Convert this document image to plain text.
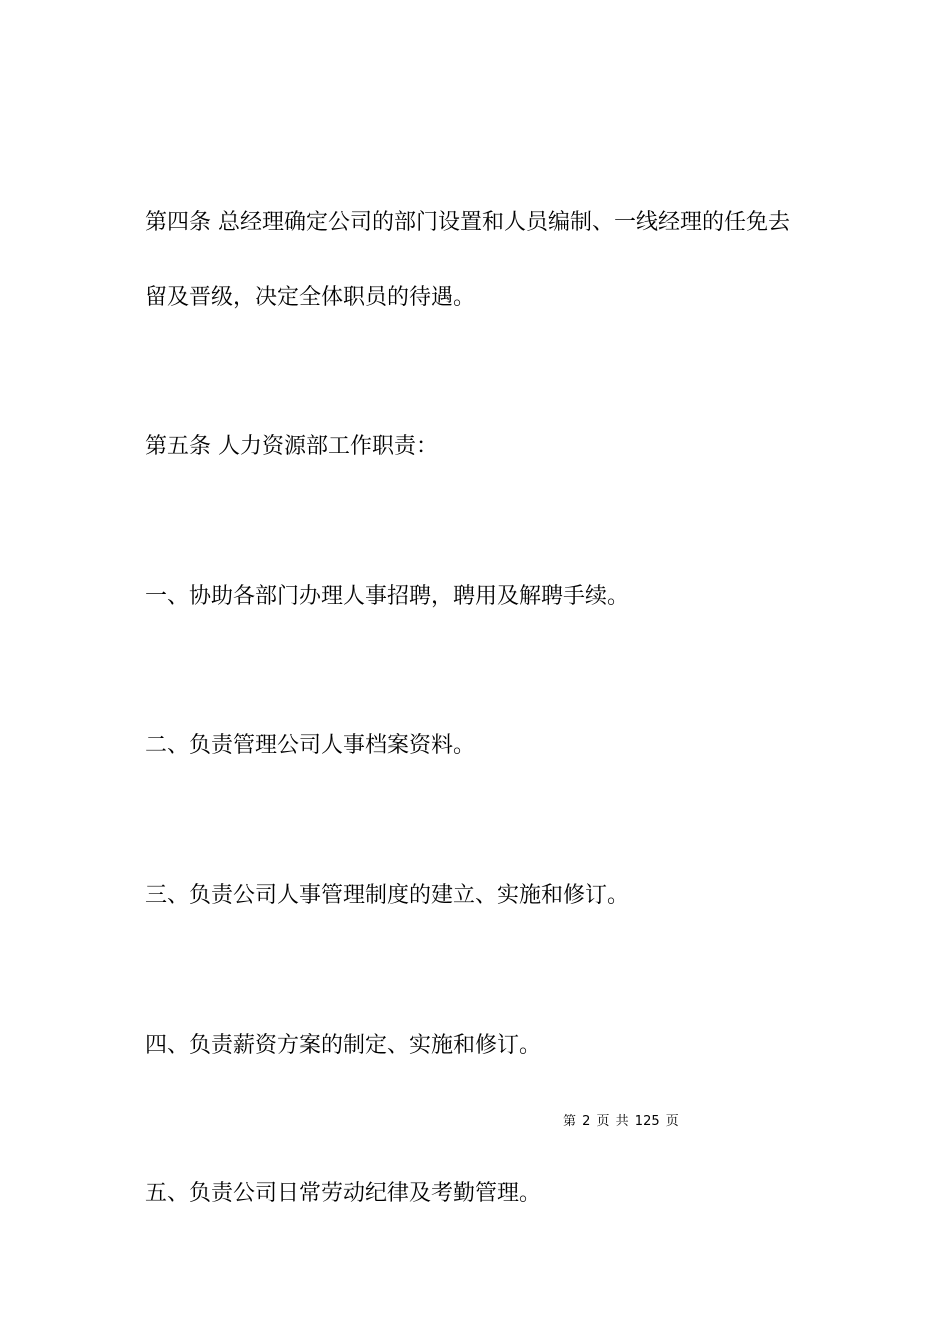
第四条 总经理确定公司的部门设置和人员编制、一线经理的任免去
留及晋级，决定全体职员的待遇。
第五条 人力资源部工作职责：
一、协助各部门办理人事招聘，聘用及解聘手续。
二、负责管理公司人事档案资料。
三、负责公司人事管理制度的建立、实施和修订。
四、负责薪资方案的制定、实施和修订。
第 2 页 共 125 页
五、负责公司日常劳动纪律及考勤管理。
